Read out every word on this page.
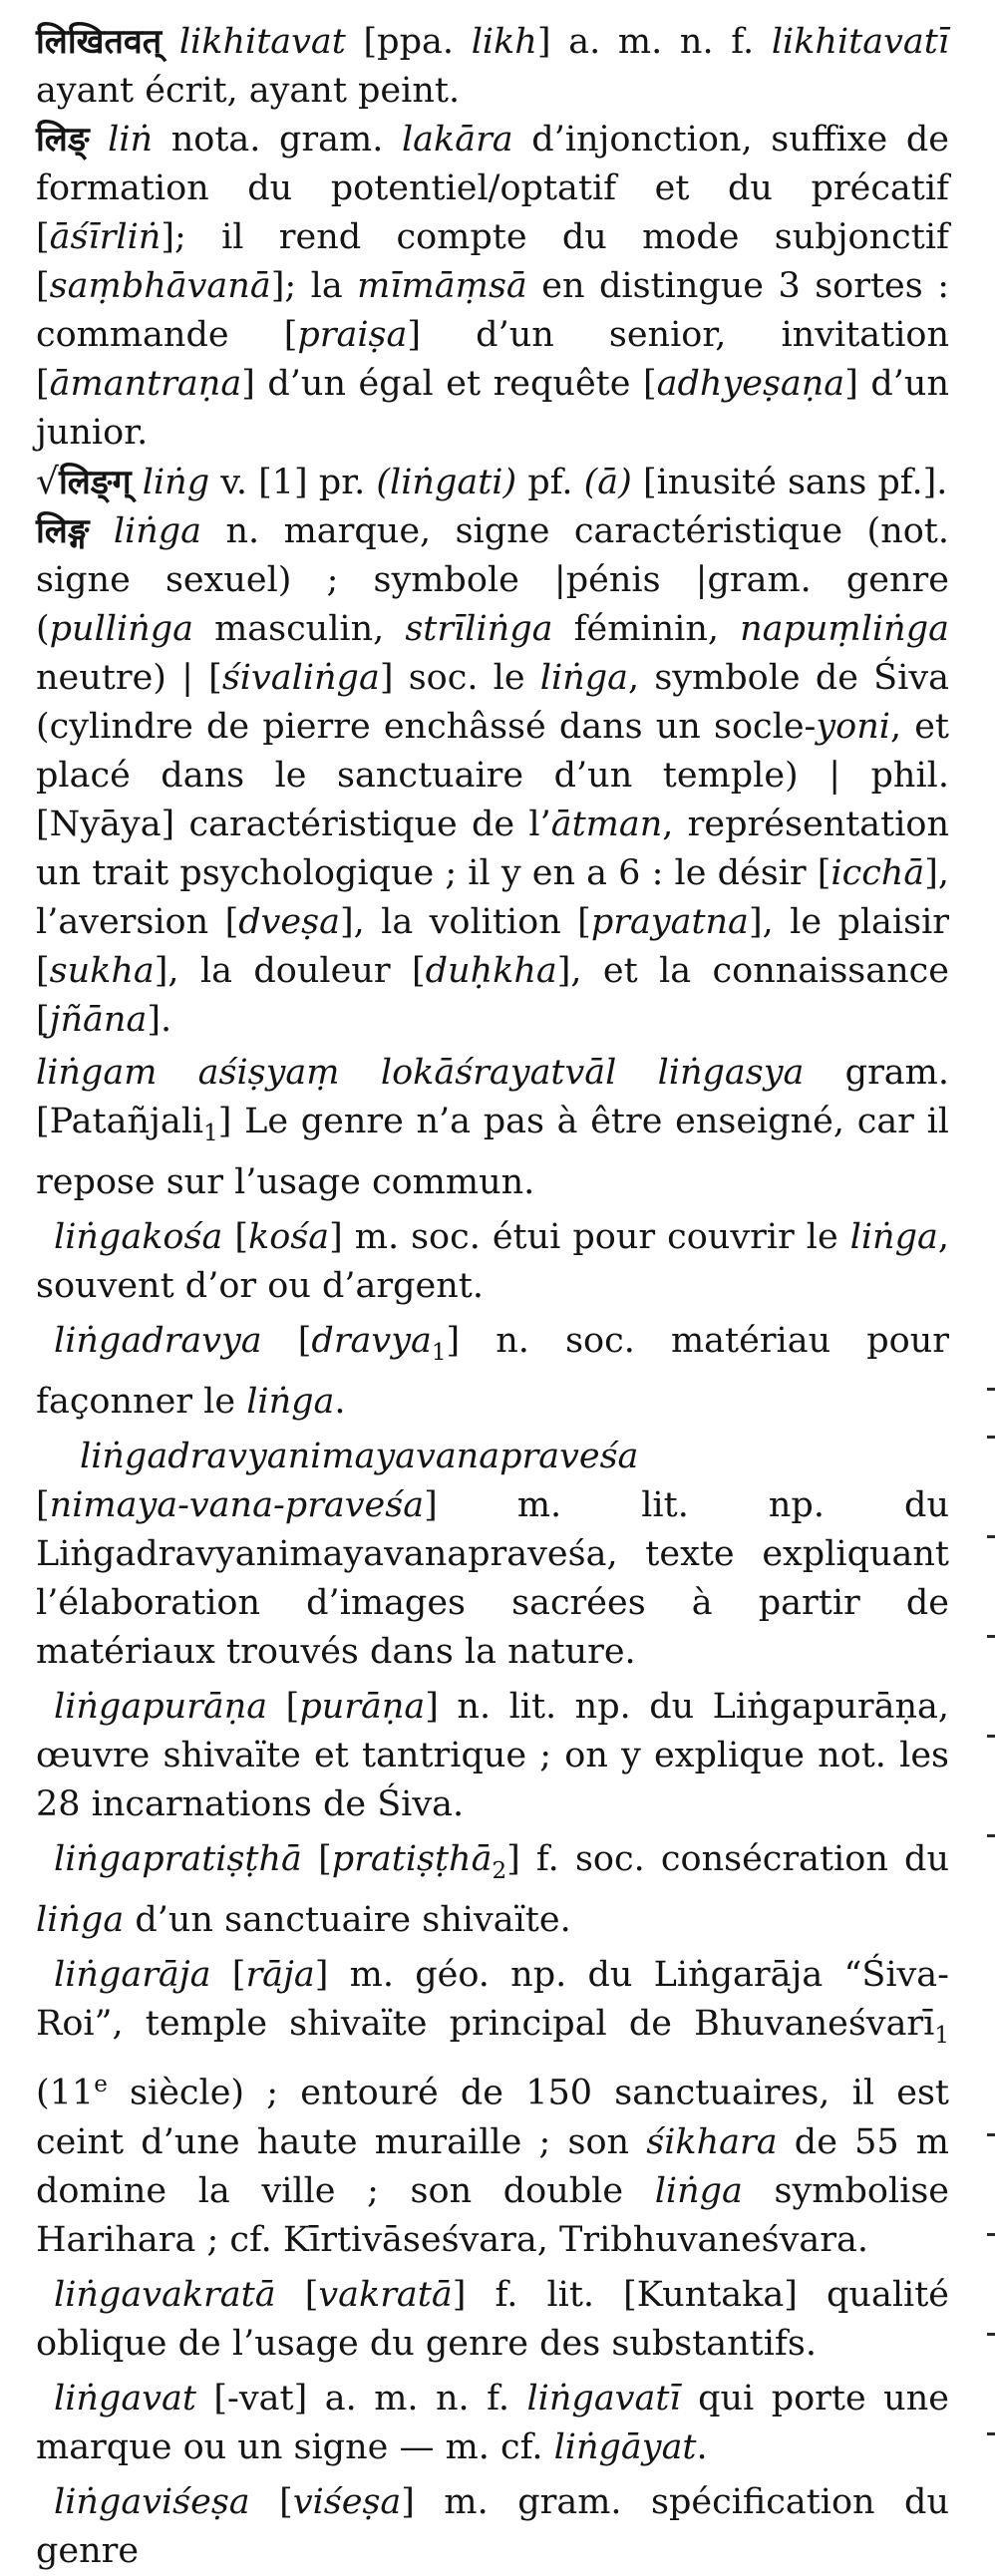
लिखितवत् likhitavat [ppa. likh] a. m. n. f. likhitavatī ayant écrit, ayant peint.

लिङ् liṅ nota. gram. lakāra d’injonction, suffixe de formation du potentiel/optatif et du précatif [āśīrliṅ]; il rend compte du mode subjonctif [saṃbhāvanā]; la mīmāṃsā en distingue 3 sortes : commande [praiṣa] d’un senior, invitation [āmantraṇa] d’un égal et requête [adhyeṣaṇa] d’un junior.

√लिङ्ग् liṅg v. [1] pr. (liṅgati) pf. (ā) [inusité sans pf.].

लिङ्ग liṅga n. marque, signe caractéristique (not. signe sexuel) ; symbole |pénis |gram. genre (pulliṅga masculin, strīliṅga féminin, napuṃliṅga neutre) | [śivaliṅga] soc. le liṅga, symbole de Śiva (cylindre de pierre enchâssé dans un socle-yoni, et placé dans le sanctuaire d’un temple) | phil. [Nyāya] caractéristique de l’ātman, représentation un trait psychologique ; il y en a 6 : le désir [icchā], l’aversion [dveṣa], la volition [prayatna], le plaisir [sukha], la douleur [duḥkha], et la connaissance [jñāna].

liṅgam aśiṣyaṃ lokāśrayatvāl liṅgasya gram. [Patañjali$_1$] Le genre n’a pas à être enseigné, car il repose sur l’usage commun.

liṅgakośa [kośa] m. soc. étui pour couvrir le liṅga, souvent d’or ou d’argent.

liṅgadravya [dravya$_1$] n. soc. matériau pour façonner le liṅga.

liṅgadravyanimayavanapraveśa
[nimaya-vana-praveśa] m. lit. np. du Liṅgadravyanimayavanapraveśa, texte expliquant l’élaboration d’images sacrées à partir de matériaux trouvés dans la nature.

liṅgapurāṇa [purāṇa] n. lit. np. du Liṅgapurāṇa, œuvre shivaïte et tantrique ; on y explique not. les 28 incarnations de Śiva.

liṅgapratiṣṭhā [pratiṣṭhā$_2$] f. soc. consécration du liṅga d’un sanctuaire shivaïte.

liṅgarāja [rāja] m. géo. np. du Liṅgarāja “Śiva-Roi”, temple shivaïte principal de Bhuvaneśvarī$_1$ (11e siècle) ; entouré de 150 sanctuaires, il est ceint d’une haute muraille ; son śikhara de 55 m domine la ville ; son double liṅga symbolise Harihara ; cf. Kīrtivāseśvara, Tribhuvaneśvara.

liṅgavakratā [vakratā] f. lit. [Kuntaka] qualité oblique de l’usage du genre des substantifs.

liṅgavat [-vat] a. m. n. f. liṅgavatī qui porte une marque ou un signe — m. cf. liṅgāyat.

liṅgaviśeṣa [viśeṣa] m. gram. spécification du genre
